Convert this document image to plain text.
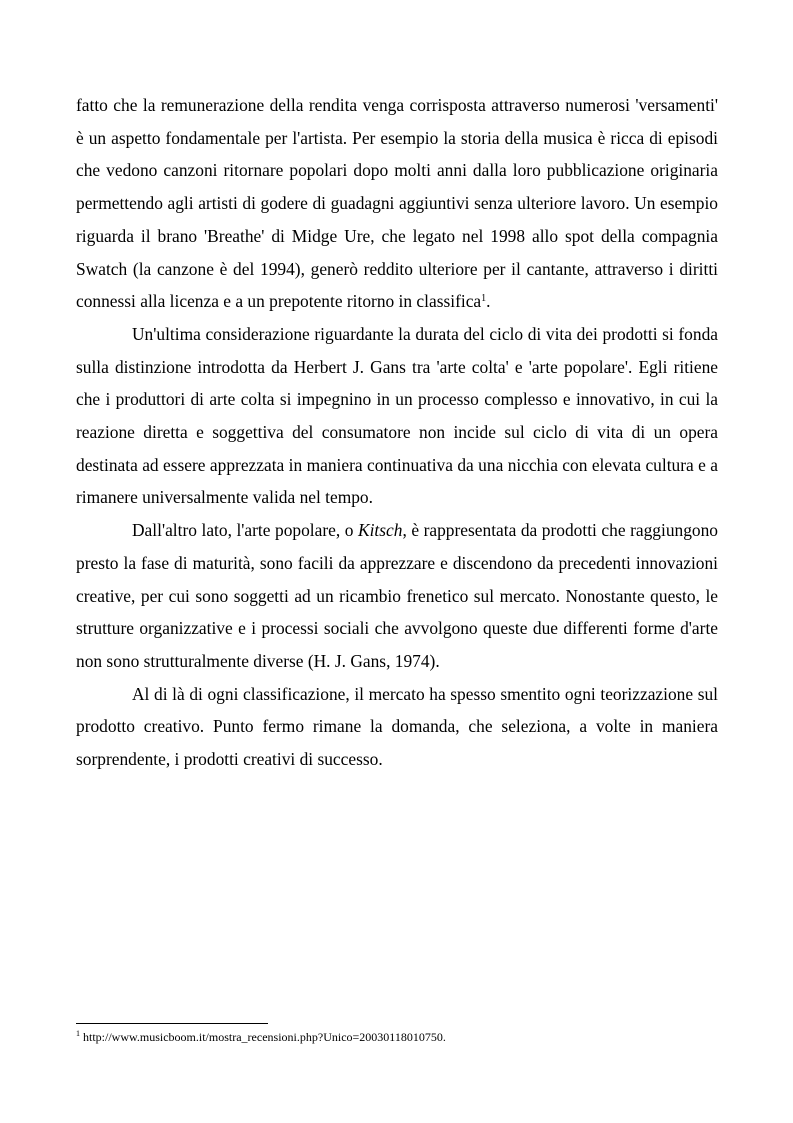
fatto che la remunerazione della rendita venga corrisposta attraverso numerosi 'versamenti' è un aspetto fondamentale per l'artista. Per esempio la storia della musica è ricca di episodi che vedono canzoni ritornare popolari dopo molti anni dalla loro pubblicazione originaria permettendo agli artisti di godere di guadagni aggiuntivi senza ulteriore lavoro. Un esempio riguarda il brano 'Breathe' di Midge Ure, che legato nel 1998 allo spot della compagnia Swatch (la canzone è del 1994), generò reddito ulteriore per il cantante, attraverso i diritti connessi alla licenza e a un prepotente ritorno in classifica$^1$.

Un'ultima considerazione riguardante la durata del ciclo di vita dei prodotti si fonda sulla distinzione introdotta da Herbert J. Gans tra 'arte colta' e 'arte popolare'. Egli ritiene che i produttori di arte colta si impegnino in un processo complesso e innovativo, in cui la reazione diretta e soggettiva del consumatore non incide sul ciclo di vita di un opera destinata ad essere apprezzata in maniera continuativa da una nicchia con elevata cultura e a rimanere universalmente valida nel tempo.

Dall'altro lato, l'arte popolare, o Kitsch, è rappresentata da prodotti che raggiungono presto la fase di maturità, sono facili da apprezzare e discendono da precedenti innovazioni creative, per cui sono soggetti ad un ricambio frenetico sul mercato. Nonostante questo, le strutture organizzative e i processi sociali che avvolgono queste due differenti forme d'arte non sono strutturalmente diverse (H. J. Gans, 1974).

Al di là di ogni classificazione, il mercato ha spesso smentito ogni teorizzazione sul prodotto creativo. Punto fermo rimane la domanda, che seleziona, a volte in maniera sorprendente, i prodotti creativi di successo.

$^1$ http://www.musicboom.it/mostra_recensioni.php?Unico=20030118010750.
